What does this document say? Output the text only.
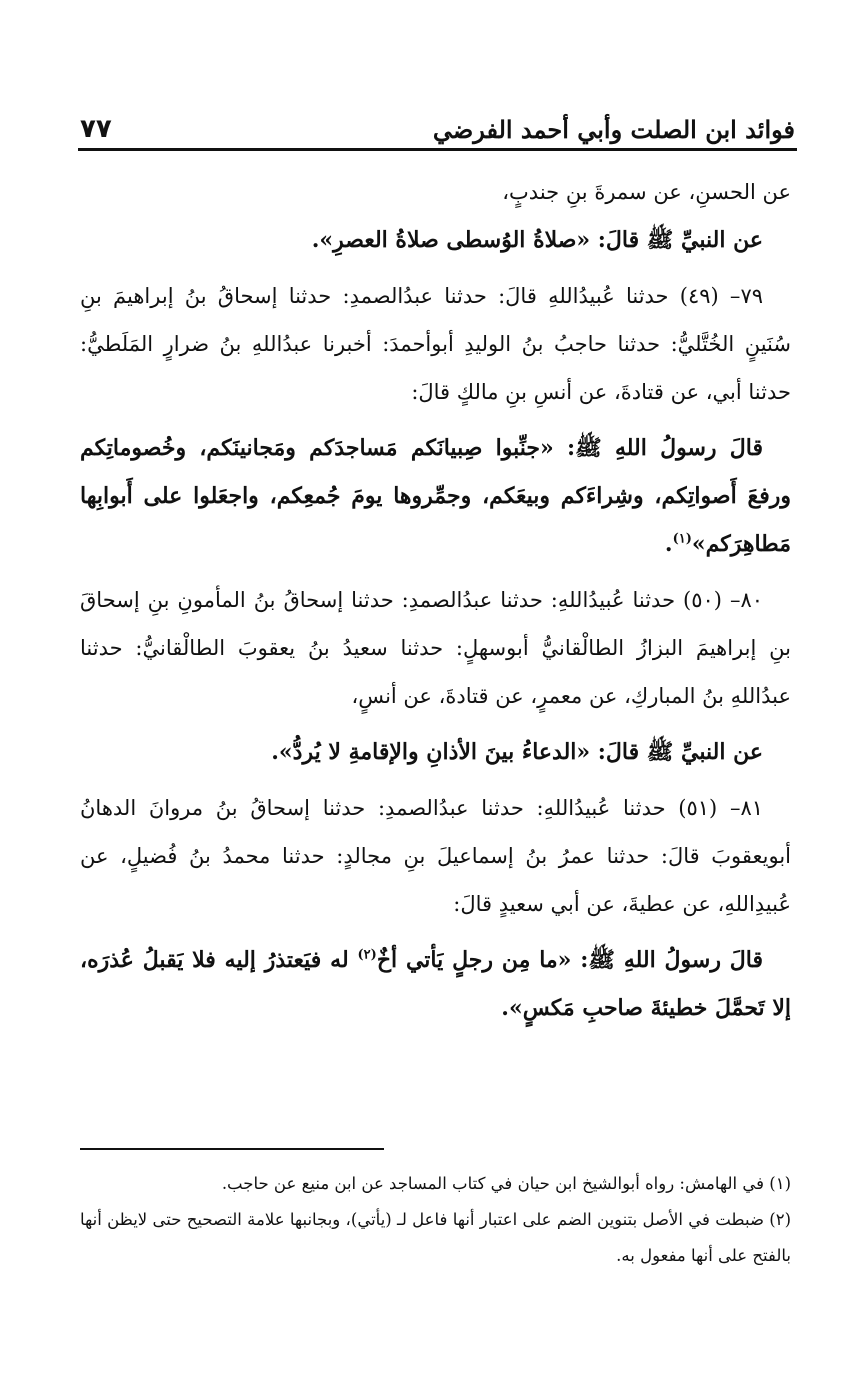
فوائد ابن الصلت وأبي أحمد الفرضي
٧٧

عن الحسنِ، عن سمرةَ بنِ جندبٍ،

عن النبيِّ ﷺ قالَ: «صلاةُ الوُسطى صلاةُ العصرِ».

٧٩– (٤٩) حدثنا عُبيدُاللهِ قالَ: حدثنا عبدُالصمدِ: حدثنا إسحاقُ بنُ إبراهيمَ بنِ سُنَينٍ الخُتَّليُّ: حدثنا حاجبُ بنُ الوليدِ أبوأحمدَ: أخبرنا عبدُاللهِ بنُ ضرارٍ المَلَطيُّ: حدثنا أبي، عن قتادةَ، عن أنسِ بنِ مالكٍ قالَ:

قالَ رسولُ اللهِ ﷺ: «جنِّبوا صِبيانَكم مَساجدَكم ومَجانينَكم، وخُصوماتِكم ورفعَ أَصواتِكم، وشِراءَكم وبيعَكم، وجمِّروها يومَ جُمعِكم، واجعَلوا على أَبوابِها مَطاهِرَكم»$^{(١)}$.

٨٠– (٥٠) حدثنا عُبيدُاللهِ: حدثنا عبدُالصمدِ: حدثنا إسحاقُ بنُ المأمونِ بنِ إسحاقَ بنِ إبراهيمَ البزازُ الطالْقانيُّ أبوسهلٍ: حدثنا سعيدُ بنُ يعقوبَ الطالْقانيُّ: حدثنا عبدُاللهِ بنُ المباركِ، عن معمرٍ، عن قتادةَ، عن أنسٍ،

عن النبيِّ ﷺ قالَ: «الدعاءُ بينَ الأذانِ والإقامةِ لا يُردُّ».

٨١– (٥١) حدثنا عُبيدُاللهِ: حدثنا عبدُالصمدِ: حدثنا إسحاقُ بنُ مروانَ الدهانُ أبويعقوبَ قالَ: حدثنا عمرُ بنُ إسماعيلَ بنِ مجالدٍ: حدثنا محمدُ بنُ فُضيلٍ، عن عُبيدِاللهِ، عن عطيةَ، عن أبي سعيدٍ قالَ:

قالَ رسولُ اللهِ ﷺ: «ما مِن رجلٍ يَأتي أخٌ$^{(٢)}$ له فيَعتذرُ إليه فلا يَقبلُ عُذرَه، إلا تَحمَّلَ خطيئةَ صاحبِ مَكسٍ».

(١) في الهامش: رواه أبوالشيخ ابن حيان في كتاب المساجد عن ابن منيع عن حاجب.

(٢) ضبطت في الأصل بتنوين الضم على اعتبار أنها فاعل لـ (يأتي)، وبجانبها علامة التصحيح حتى لايظن أنها بالفتح على أنها مفعول به.
